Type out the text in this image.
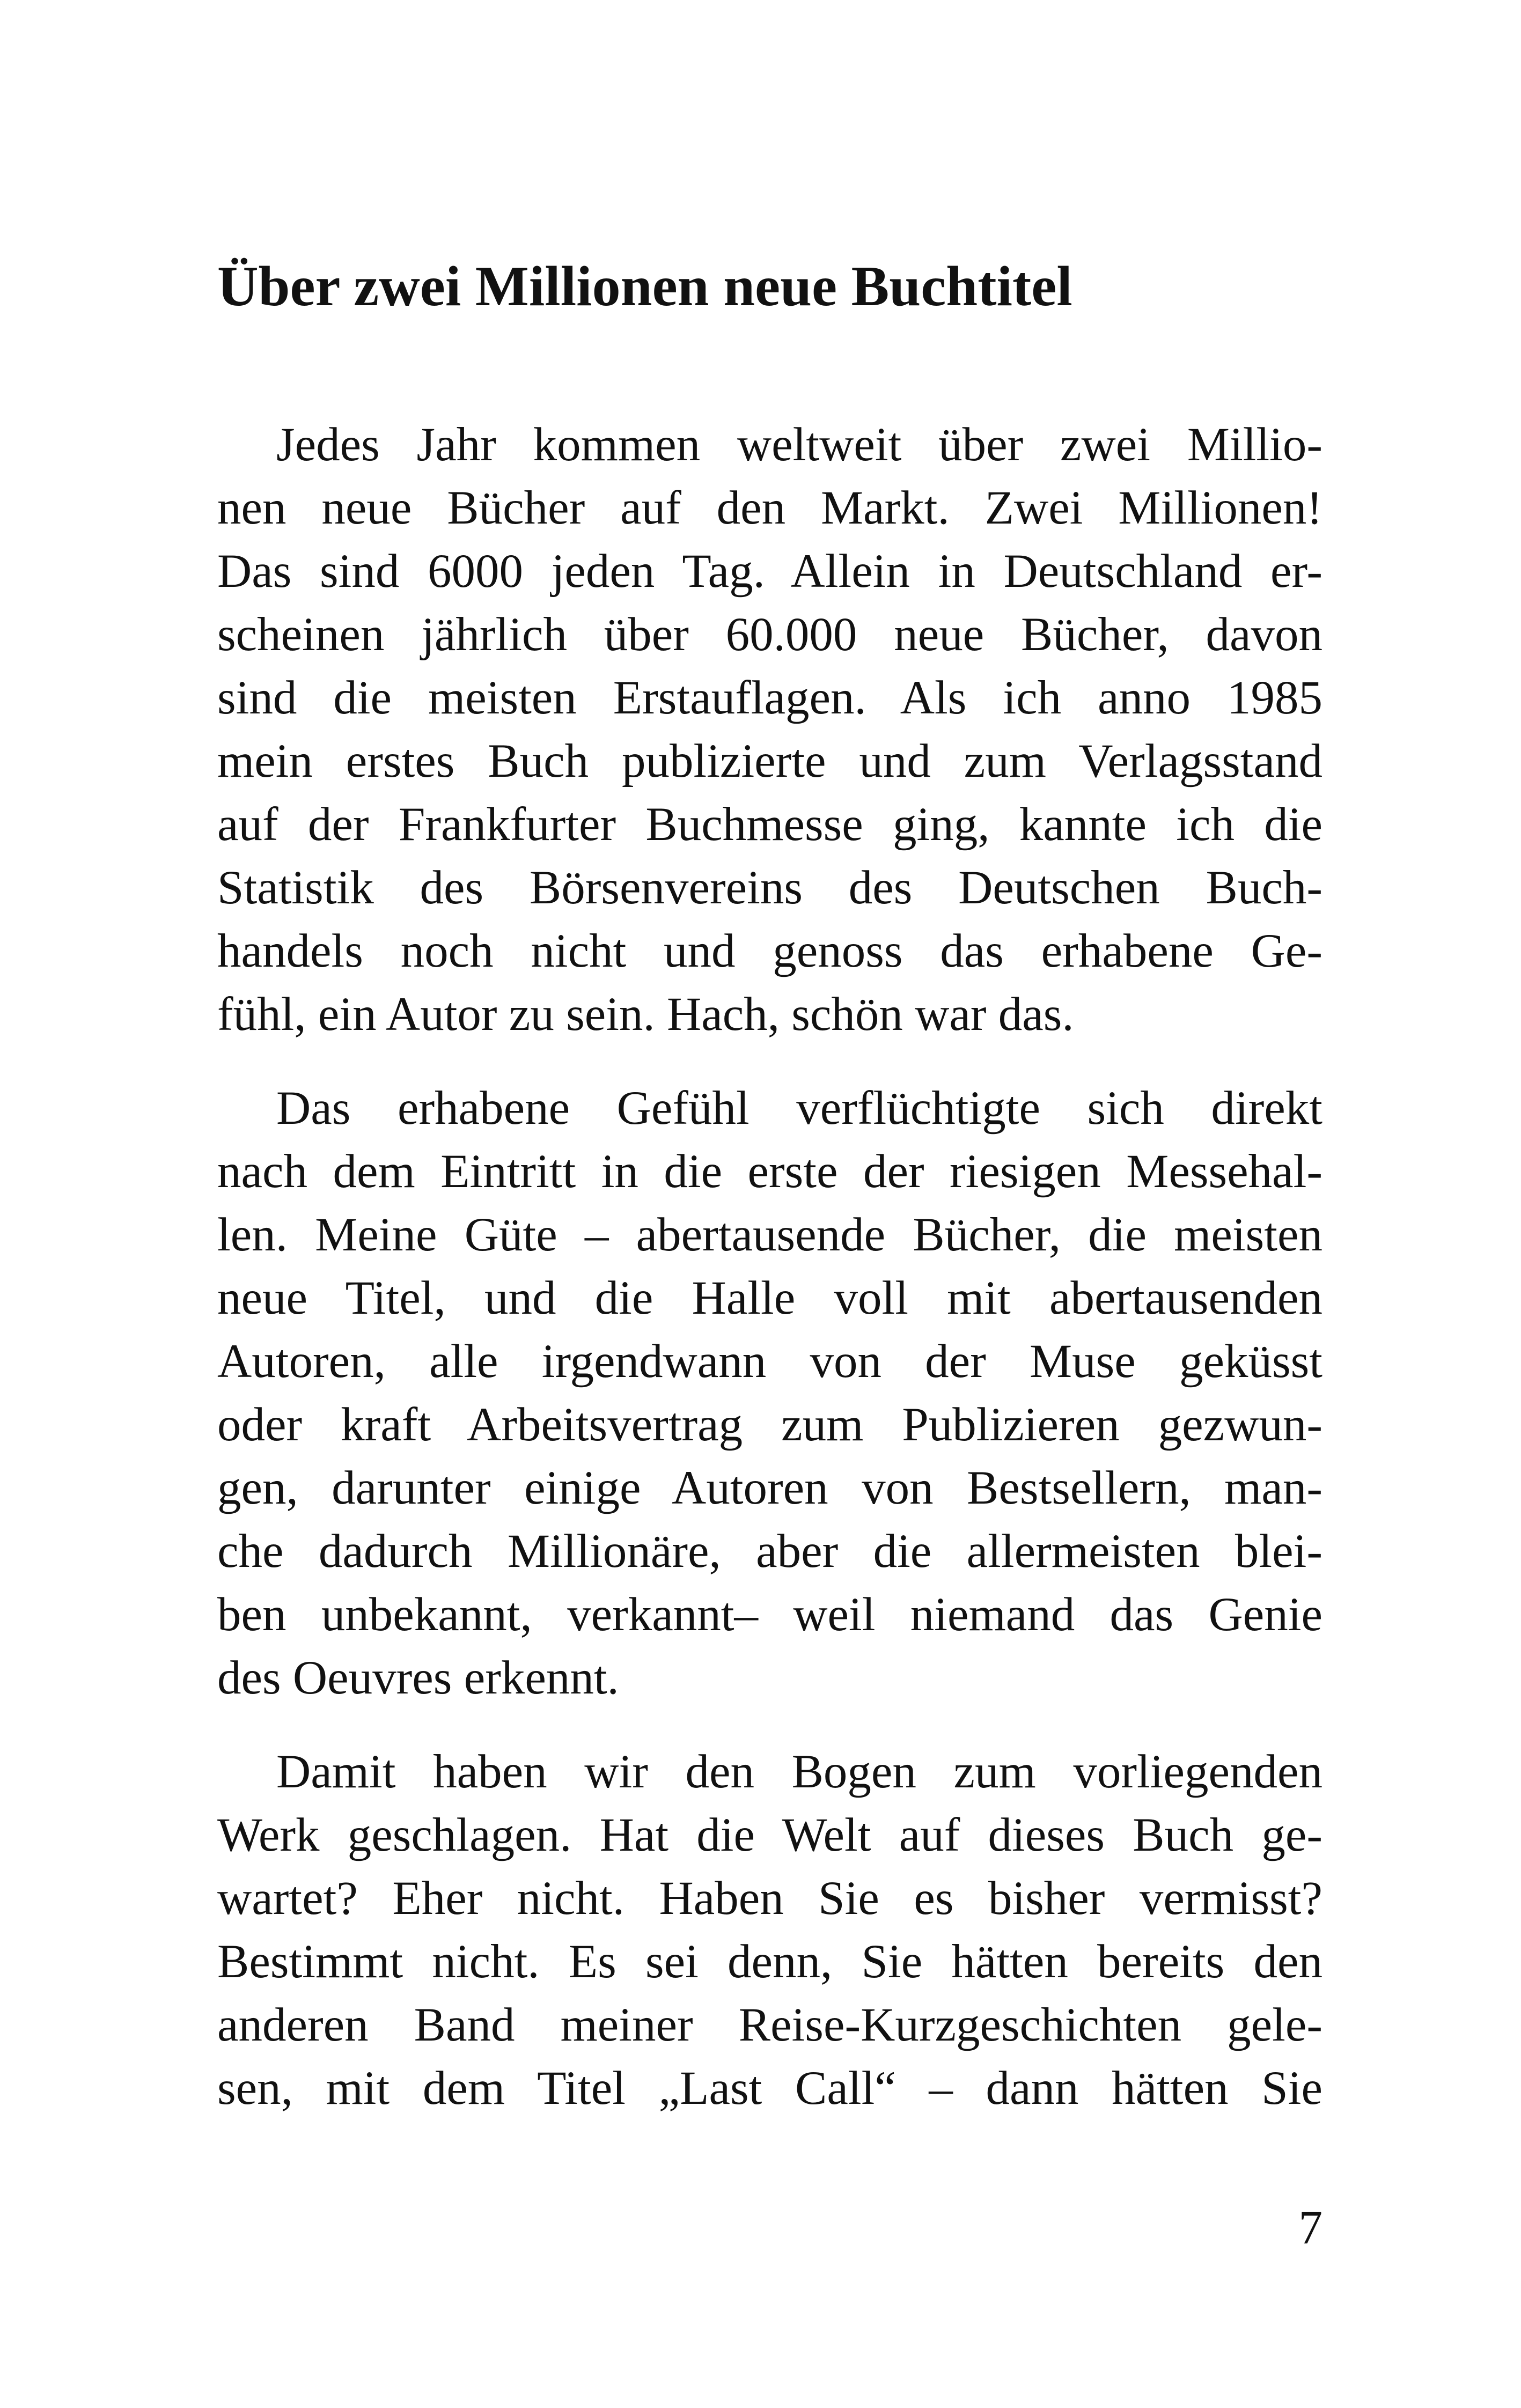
Über zwei Millionen neue Buchtitel

Jedes Jahr kommen weltweit über zwei Millio-
nen neue Bücher auf den Markt. Zwei Millionen!
Das sind 6000 jeden Tag. Allein in Deutschland er-
scheinen jährlich über 60.000 neue Bücher, davon
sind die meisten Erstauflagen. Als ich anno 1985
mein erstes Buch publizierte und zum Verlagsstand
auf der Frankfurter Buchmesse ging, kannte ich die
Statistik des Börsenvereins des Deutschen Buch-
handels noch nicht und genoss das erhabene Ge-
fühl, ein Autor zu sein. Hach, schön war das.

Das erhabene Gefühl verflüchtigte sich direkt
nach dem Eintritt in die erste der riesigen Messehal-
len. Meine Güte – abertausende Bücher, die meisten
neue Titel, und die Halle voll mit abertausenden
Autoren, alle irgendwann von der Muse geküsst
oder kraft Arbeitsvertrag zum Publizieren gezwun-
gen, darunter einige Autoren von Bestsellern, man-
che dadurch Millionäre, aber die allermeisten blei-
ben unbekannt, verkannt– weil niemand das Genie
des Oeuvres erkennt.

Damit haben wir den Bogen zum vorliegenden
Werk geschlagen. Hat die Welt auf dieses Buch ge-
wartet? Eher nicht. Haben Sie es bisher vermisst?
Bestimmt nicht. Es sei denn, Sie hätten bereits den
anderen Band meiner Reise-Kurzgeschichten gele-
sen, mit dem Titel „Last Call“ – dann hätten Sie

7
